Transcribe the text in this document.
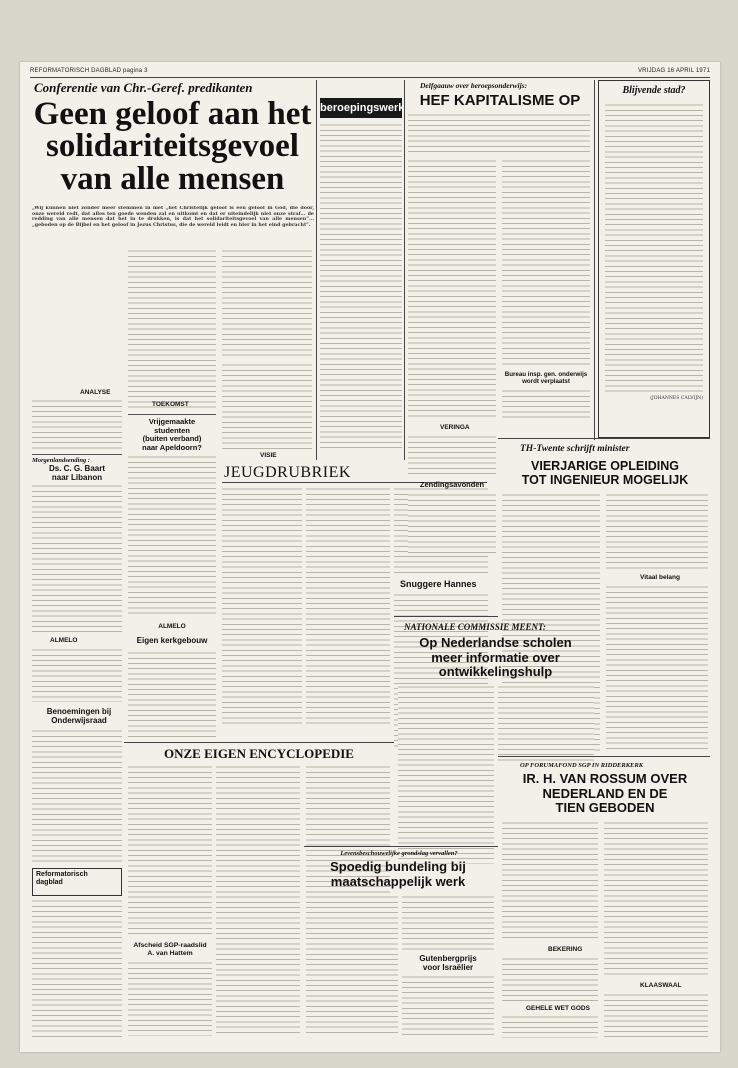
REFORMATORISCH DAGBLAD pagina 3	VRIJDAG 16 APRIL 1971
Conferentie van Chr.-Geref. predikanten
Geen geloof aan het
solidariteitsgevoel
van alle mensen
„Wij kunnen niet zonder meer stemmen in met „het Christelijk geloof is een geloof in God, die door, onze wereld redt, dat alles ten goede wenden zal en uitkomt en dat er uiteindelijk niet onze straf... de redding van alle mensen dat het in te drukken, is dat het solidariteitsgevoel van alle mensen”... „geboden op de Bijbel en het geloof in Jezus Christus, die de wereld leidt en hier in het eind gebracht”.
ANALYSE
Morgenlandsending :
Ds. C. G. Baart
naar Libanon
ALMELO
Benoemingen bij
Onderwijsraad
Reformatorisch
dagblad
TOEKOMST
Vrijgemaakte
studenten
(buiten verband)
naar Apeldoorn?
ALMELO
Eigen kerkgebouw
VISIE
JEUGDRUBRIEK
Snuggere Hannes
ONZE EIGEN ENCYCLOPEDIE
Afscheid SGP-raadslid
A. van Hattem
beroepingswerk
Delfgaauw over beroepsonderwijs:
HEF KAPITALISME OP
Bureau insp. gen. onderwijs
wordt verplaatst
VERINGA
Zendingsavonden
Blijvende stad?
(JOHANNES CALVIJN)
TH-Twente schrijft minister
VIERJARIGE OPLEIDING
TOT INGENIEUR MOGELIJK
Vitaal belang
NATIONALE COMMISSIE MEENT:
Op Nederlandse scholen
meer informatie over
ontwikkelingshulp
OP FORUMAFOND SGP IN RIDDERKERK
IR. H. VAN ROSSUM OVER
NEDERLAND EN DE
TIEN GEBODEN
BEKERING
GEHELE WET GODS
KLAASWAAL
Levensbeschouwelijke grondslag vervallen?
Spoedig bundeling bij
maatschappelijk werk
Gutenbergprijs
voor Israëlier
